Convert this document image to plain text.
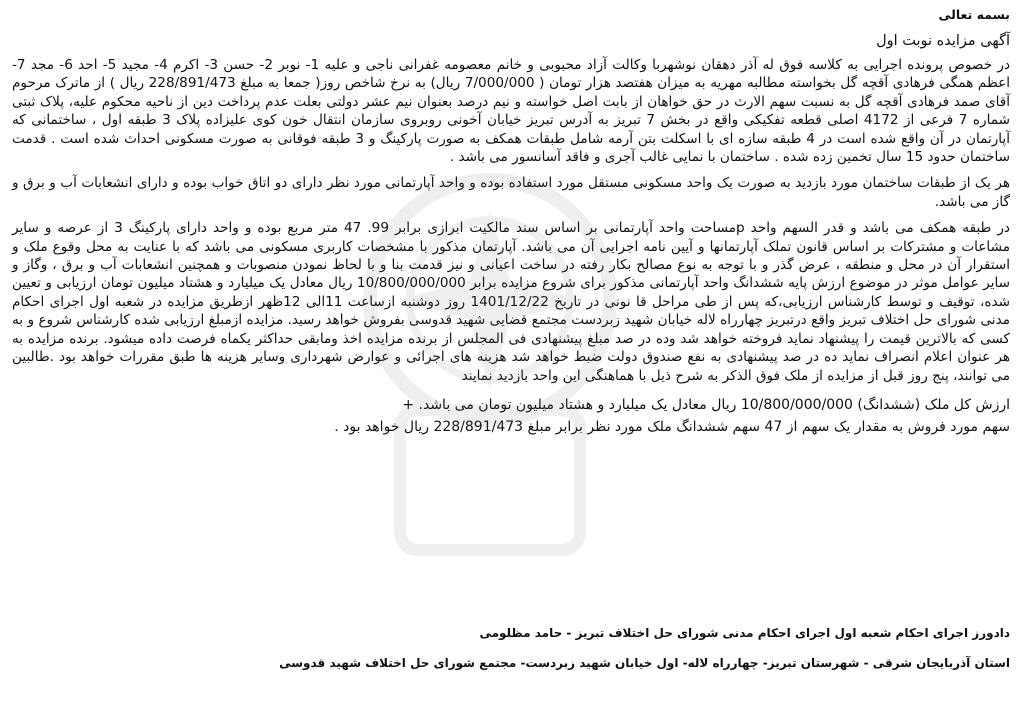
بسمه تعالی

آگهی مزایده نوبت اول

در خصوص پرونده اجرایی به کلاسه فوق له آذر دهقان نوشهربا وکالت آزاد محبوبی و خانم معصومه غفرانی ناجی و علیه 1- نوبر 2- حسن 3- اکرم 4- مجید 5- احد 6- مجد 7- اعظم همگی فرهادی آقچه گل بخواسته مطالبه مهریه به میزان هفتصد هزار تومان ( 7/000/000 ریال) به نرخ شاخص روز( جمعا به مبلغ 228/891/473 ریال ) از ماترک مرحوم آقای صمد فرهادی آقچه گل به نسبت سهم الارث در حق خواهان از بابت اصل خواسته و نیم درصد بعنوان نیم عشر دولتی بعلت عدم پرداخت دین از ناحیه محکوم علیه، پلاک ثبتی شماره 7 فرعی از 4172 اصلی قطعه تفکیکی واقع در بخش 7 تبریز به آدرس تبریز خیابان آخونی روبروی سازمان انتقال خون کوی علیزاده پلاک 3 طبقه اول ، ساختمانی که آپارتمان در آن واقع شده است در 4 طبقه سازه ای با اسکلت بتن آرمه شامل طبقات همکف به صورت پارکینگ و 3 طبقه فوقانی به صورت مسکونی احداث شده است . قدمت ساختمان حدود 15 سال تخمین زده شده . ساختمان با نمایی غالب آجری و فاقد آسانسور می باشد .

هر یک از طبقات ساختمان مورد بازدید به صورت یک واحد مسکونی مستقل مورد استفاده بوده و واحد آپارتمانی مورد نظر دارای دو اتاق خواب بوده و دارای انشعابات آب و برق و گاز می باشد.

در طبقه همکف می باشد و قدر السهم واحد pمساحت واحد آپارتمانی بر اساس سند مالکیت ابرازی برابر 99. 47 متر مربع بوده و واحد دارای پارکینگ 3 از عرصه و سایر مشاعات و مشترکات بر اساس قانون تملک آپارتمانها و آیین نامه اجرایی آن می باشد. آپارتمان مذکور با مشخصات کاربری مسکونی می باشد که با عنایت به محل وقوع ملک و استقرار آن در محل و منطقه ، عرض گذر و با توجه به نوع مصالح بکار رفته در ساخت اعیانی و نیز قدمت بنا و با لحاظ نمودن منصوبات و همچنین انشعابات آب و برق ، وگاز و سایر عوامل موثر در موضوع ارزش پایه ششدانگ واحد آپارتمانی مذکور برای شروع مزایده برابر 10/800/000/000 ریال معادل یک میلیارد و هشتاد میلیون تومان ارزیابی و تعیین شده، توقیف و توسط کارشناس ارزیابی،که پس از طی مراحل قا نونی در تاریخ 1401/12/22 روز دوشنبه ازساعت 11الی 12ظهر ازطریق مزایده در شعبه اول اجرای احکام مدنی شورای حل اختلاف تبریز واقع درتبریز چهارراه لاله خیابان شهید زبردست مجتمع قضایی شهید قدوسی بفروش خواهد رسید. مزایده ازمبلغ ارزیابی شده کارشناس شروع و به کسی که بالاترین قیمت را پیشنهاد نماید فروخته خواهد شد وده در صد مبلغ پیشنهادی فی المجلس از برنده مزایده اخذ ومابقی حداکثر یکماه فرصت داده میشود. برنده مزایده به هر عنوان اعلام انصراف نماید ده در صد پیشنهادی به نفع صندوق دولت ضبط خواهد شد هزینه های اجرائی و عوارض شهرداری وسایر هزینه ها طبق مقررات خواهد بود .طالبین می توانند، پنج روز قبل از مزایده از ملک فوق الذکر به شرح ذیل با هماهنگی این واحد بازدید نمایند

ارزش کل ملک (ششدانگ) 10/800/000/000 ریال معادل یک میلیارد و هشتاد میلیون تومان می باشد. +

سهم مورد فروش به مقدار یک سهم از 47 سهم ششدانگ ملک مورد نظر برابر مبلغ 228/891/473 ریال خواهد بود .

دادورز اجرای احکام شعبه اول اجرای احکام مدنی شورای حل اختلاف تبریز - حامد مظلومی

استان آذربایجان شرقی - شهرستان تبریز- چهارراه لاله- اول خیابان شهید زبردست- مجتمع شورای حل اختلاف شهید قدوسی
